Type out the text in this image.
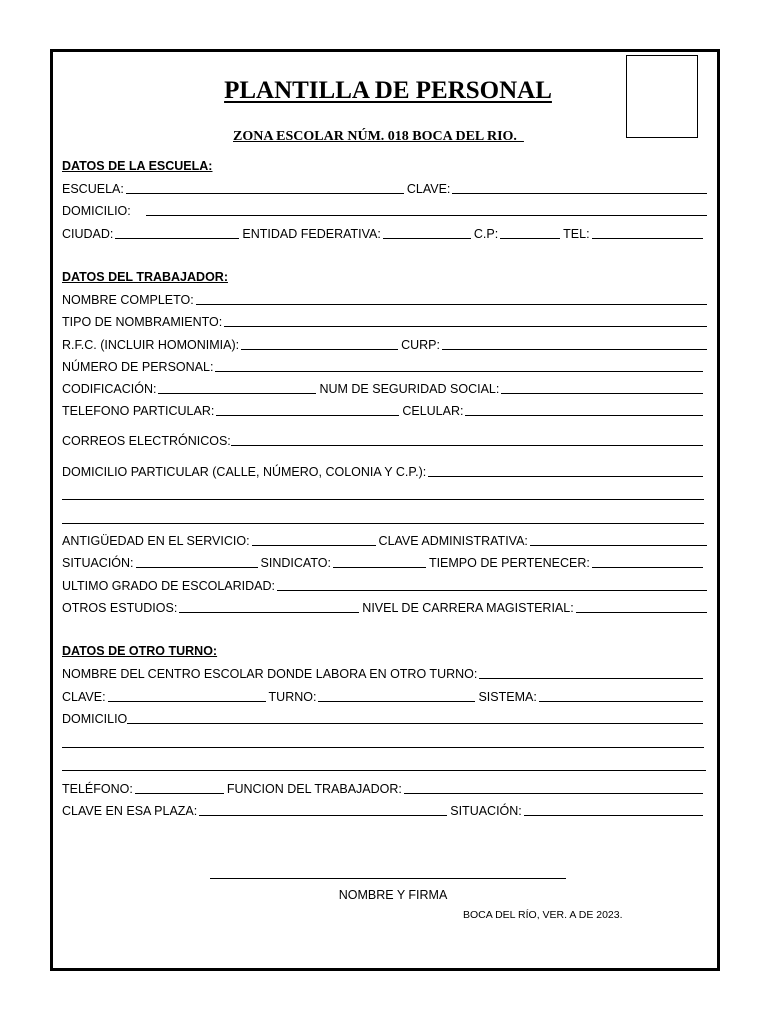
PLANTILLA DE PERSONAL
ZONA ESCOLAR NÚM. 018 BOCA DEL RIO.
DATOS DE LA ESCUELA:
ESCUELA:	CLAVE:
DOMICILIO:
CIUDAD:	ENTIDAD FEDERATIVA:	C.P:	TEL:
DATOS DEL TRABAJADOR:
NOMBRE COMPLETO:
TIPO DE NOMBRAMIENTO:
R.F.C. (INCLUIR HOMONIMIA):	CURP:
NÚMERO DE PERSONAL:
CODIFICACIÓN:	NUM DE SEGURIDAD SOCIAL:
TELEFONO PARTICULAR:	CELULAR:
CORREOS ELECTRÓNICOS:
DOMICILIO PARTICULAR (CALLE, NÚMERO, COLONIA Y C.P.):
ANTIGÜEDAD EN EL SERVICIO:	CLAVE ADMINISTRATIVA:
SITUACIÓN:	SINDICATO:	TIEMPO DE PERTENECER:
ULTIMO GRADO DE ESCOLARIDAD:
OTROS ESTUDIOS:	NIVEL DE CARRERA MAGISTERIAL:
DATOS DE OTRO TURNO:
NOMBRE DEL CENTRO ESCOLAR DONDE LABORA EN OTRO TURNO:
CLAVE:	TURNO:	SISTEMA:
DOMICILIO
TELÉFONO:	FUNCION DEL TRABAJADOR:
CLAVE EN ESA PLAZA:	SITUACIÓN:
NOMBRE Y FIRMA
BOCA DEL RÍO, VER. A DE 2023.
